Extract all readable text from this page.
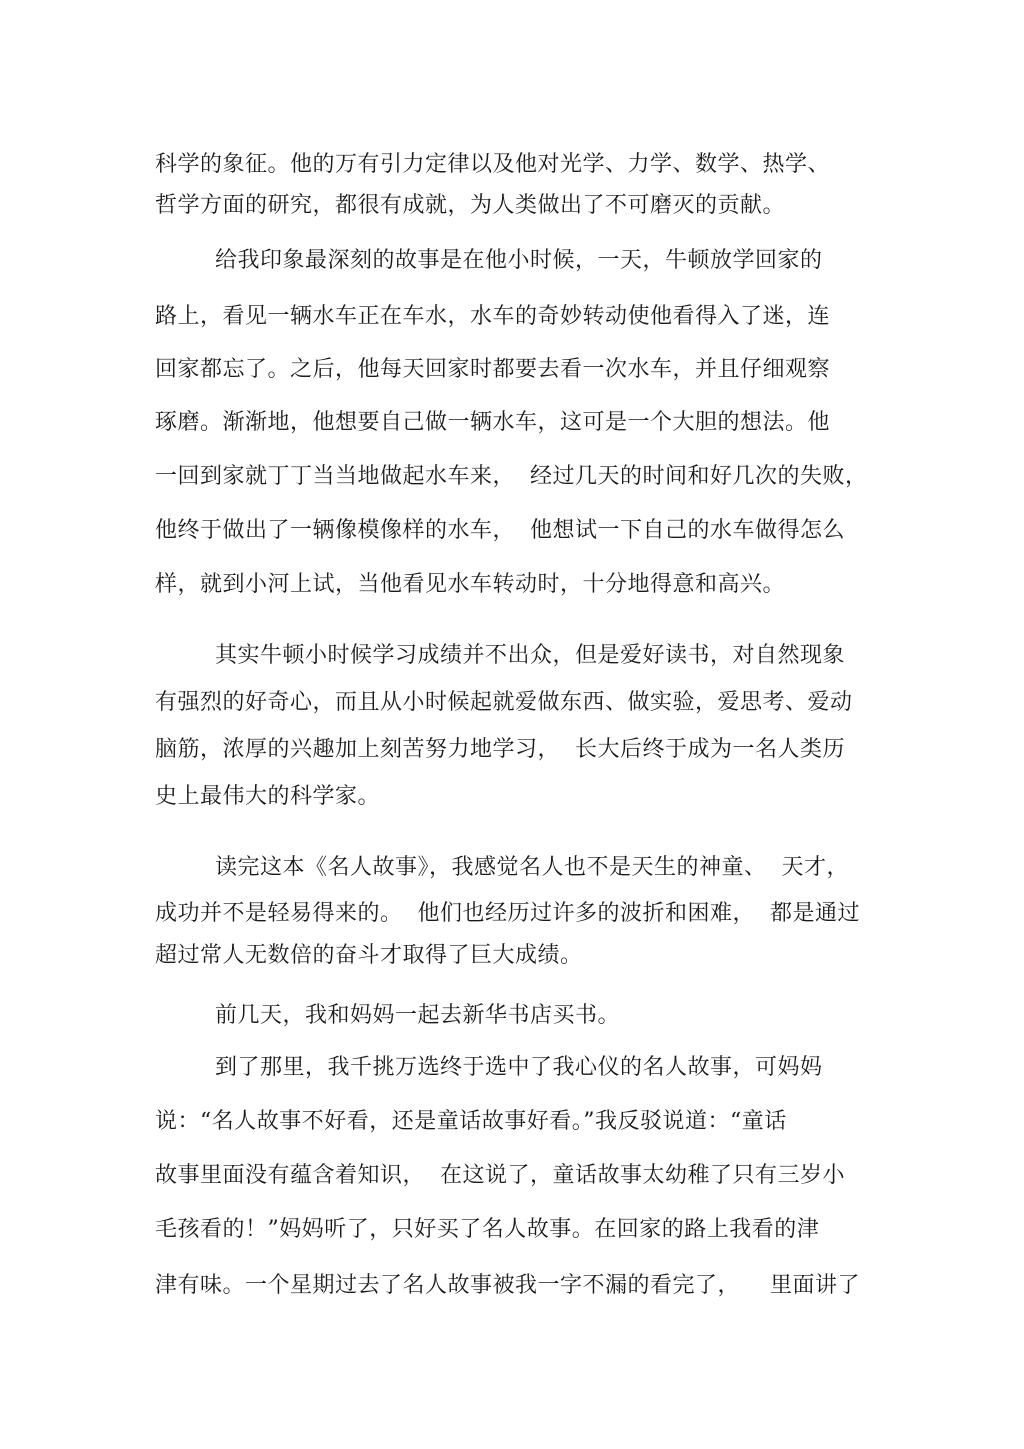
科学的象征。他的万有引力定律以及他对光学、力学、数学、热学、
哲学方面的研究，都很有成就，为人类做出了不可磨灭的贡献。
给我印象最深刻的故事是在他小时候，一天，牛顿放学回家的
路上，看见一辆水车正在车水，水车的奇妙转动使他看得入了迷，连
回家都忘了。之后，他每天回家时都要去看一次水车，并且仔细观察
琢磨。渐渐地，他想要自己做一辆水车，这可是一个大胆的想法。他
一回到家就丁丁当当地做起水车来，  经过几天的时间和好几次的失败，
他终于做出了一辆像模像样的水车，  他想试一下自己的水车做得怎么
样，就到小河上试，当他看见水车转动时，十分地得意和高兴。
其实牛顿小时候学习成绩并不出众，但是爱好读书，对自然现象
有强烈的好奇心，而且从小时候起就爱做东西、做实验，爱思考、爱动
脑筋，浓厚的兴趣加上刻苦努力地学习，  长大后终于成为一名人类历
史上最伟大的科学家。
读完这本《名人故事》，我感觉名人也不是天生的神童、  天才，
成功并不是轻易得来的。  他们也经历过许多的波折和困难，  都是通过
超过常人无数倍的奋斗才取得了巨大成绩。
前几天，我和妈妈一起去新华书店买书。
到了那里，我千挑万选终于选中了我心仪的名人故事，可妈妈
说：“名人故事不好看，还是童话故事好看。”我反驳说道：“童话
故事里面没有蕴含着知识，  在这说了，童话故事太幼稚了只有三岁小
毛孩看的！”妈妈听了，只好买了名人故事。在回家的路上我看的津
津有味。一个星期过去了名人故事被我一字不漏的看完了，    里面讲了
